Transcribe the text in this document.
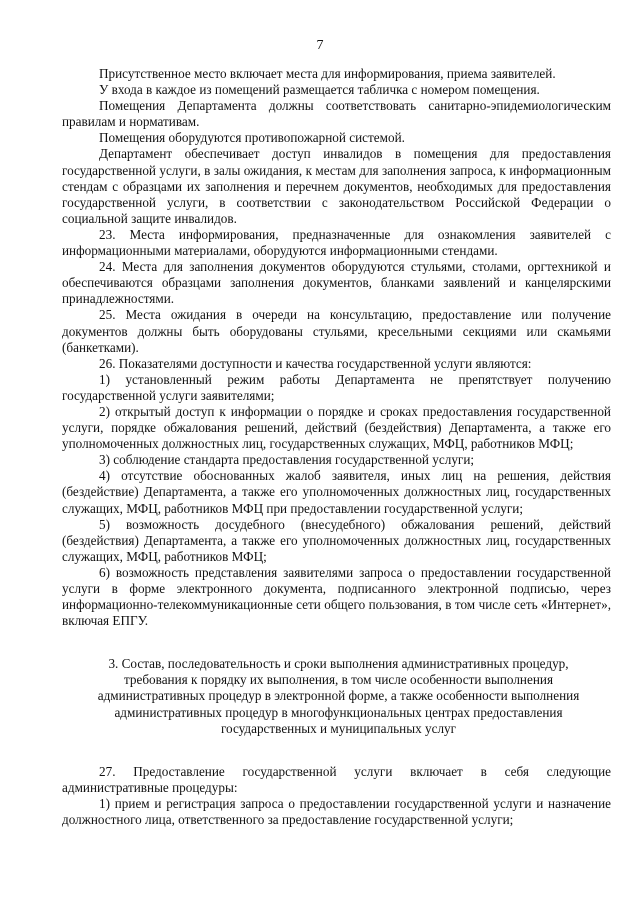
7

Присутственное место включает места для информирования, приема заявителей.

У входа в каждое из помещений размещается табличка с номером помещения.

Помещения Департамента должны соответствовать санитарно-эпидемиологическим правилам и нормативам.

Помещения оборудуются противопожарной системой.

Департамент обеспечивает доступ инвалидов в помещения для предоставления государственной услуги, в залы ожидания, к местам для заполнения запроса, к информационным стендам с образцами их заполнения и перечнем документов, необходимых для предоставления государственной услуги, в соответствии с законодательством Российской Федерации о социальной защите инвалидов.

23. Места информирования, предназначенные для ознакомления заявителей с информационными материалами, оборудуются информационными стендами.

24. Места для заполнения документов оборудуются стульями, столами, оргтехникой и обеспечиваются образцами заполнения документов, бланками заявлений и канцелярскими принадлежностями.

25. Места ожидания в очереди на консультацию, предоставление или получение документов должны быть оборудованы стульями, кресельными секциями или скамьями (банкетками).

26. Показателями доступности и качества государственной услуги являются:

1) установленный режим работы Департамента не препятствует получению государственной услуги заявителями;

2) открытый доступ к информации о порядке и сроках предоставления государственной услуги, порядке обжалования решений, действий (бездействия) Департамента, а также его уполномоченных должностных лиц, государственных служащих, МФЦ, работников МФЦ;

3) соблюдение стандарта предоставления государственной услуги;

4) отсутствие обоснованных жалоб заявителя, иных лиц на решения, действия (бездействие) Департамента, а также его уполномоченных должностных лиц, государственных служащих, МФЦ, работников МФЦ при предоставлении государственной услуги;

5) возможность досудебного (внесудебного) обжалования решений, действий (бездействия) Департамента, а также его уполномоченных должностных лиц, государственных служащих, МФЦ, работников МФЦ;

6) возможность представления заявителями запроса о предоставлении государственной услуги в форме электронного документа, подписанного электронной подписью, через информационно-телекоммуникационные сети общего пользования, в том числе сеть «Интернет», включая ЕПГУ.

3. Состав, последовательность и сроки выполнения административных процедур,
требования к порядку их выполнения, в том числе особенности выполнения
административных процедур в электронной форме, а также особенности выполнения
административных процедур в многофункциональных центрах предоставления
государственных и муниципальных услуг

27. Предоставление государственной услуги включает в себя следующие административные процедуры:

1) прием и регистрация запроса о предоставлении государственной услуги и назначение должностного лица, ответственного за предоставление государственной услуги;
